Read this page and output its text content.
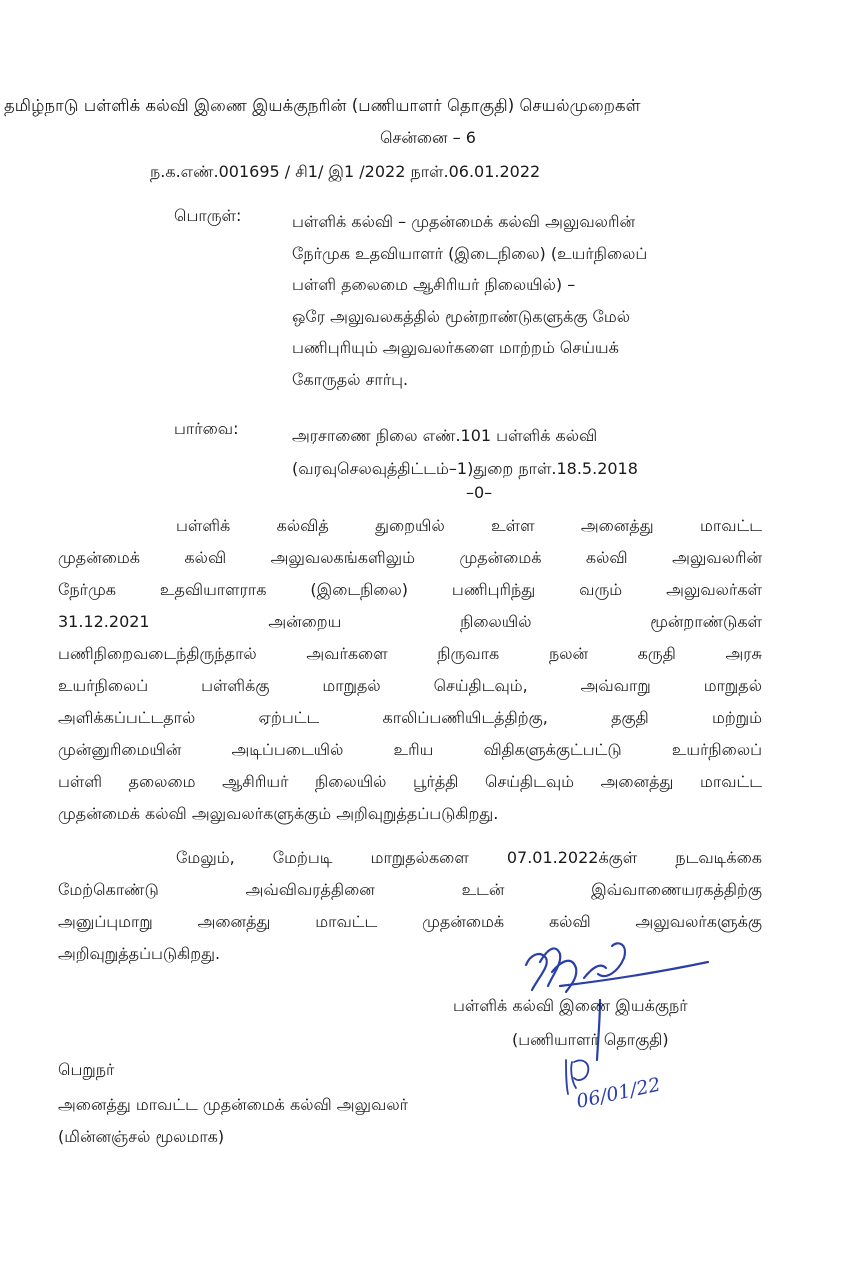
தமிழ்நாடு பள்ளிக் கல்வி இணை இயக்குநரின் (பணியாளர் தொகுதி) செயல்முறைகள்
சென்னை – 6
ந.க.எண்.001695 / சி1/ இ1 /2022 நாள்.06.01.2022
பொருள்:	பள்ளிக் கல்வி – முதன்மைக் கல்வி அலுவலரின்
நேர்முக உதவியாளர் (இடைநிலை) (உயர்நிலைப்
பள்ளி தலைமை ஆசிரியர் நிலையில்) –
ஒரே அலுவலகத்தில் மூன்றாண்டுகளுக்கு மேல்
பணிபுரியும் அலுவலர்களை மாற்றம் செய்யக்
கோருதல் சார்பு.
பார்வை:	அரசாணை நிலை எண்.101 பள்ளிக் கல்வி
(வரவுசெலவுத்திட்டம்–1)துறை நாள்.18.5.2018
–0–
பள்ளிக் கல்வித் துறையில் உள்ள அனைத்து மாவட்ட
முதன்மைக் கல்வி அலுவலகங்களிலும் முதன்மைக் கல்வி அலுவலரின்
நேர்முக உதவியாளராக (இடைநிலை) பணிபுரிந்து வரும் அலுவலர்கள்
31.12.2021 அன்றைய நிலையில் மூன்றாண்டுகள்
பணிநிறைவடைந்திருந்தால் அவர்களை நிருவாக நலன் கருதி அரசு
உயர்நிலைப் பள்ளிக்கு மாறுதல் செய்திடவும், அவ்வாறு மாறுதல்
அளிக்கப்பட்டதால் ஏற்பட்ட காலிப்பணியிடத்திற்கு, தகுதி மற்றும்
முன்னுரிமையின் அடிப்படையில் உரிய விதிகளுக்குட்பட்டு உயர்நிலைப்
பள்ளி தலைமை ஆசிரியர் நிலையில் பூர்த்தி செய்திடவும் அனைத்து மாவட்ட
முதன்மைக் கல்வி அலுவலர்களுக்கும் அறிவுறுத்தப்படுகிறது.
மேலும், மேற்படி மாறுதல்களை 07.01.2022க்குள் நடவடிக்கை
மேற்கொண்டு அவ்விவரத்தினை உடன் இவ்வாணையரகத்திற்கு
அனுப்புமாறு அனைத்து மாவட்ட முதன்மைக் கல்வி அலுவலர்களுக்கு
அறிவுறுத்தப்படுகிறது.
06/01/22
பள்ளிக் கல்வி இணை இயக்குநர்
(பணியாளர் தொகுதி)
பெறுநர்
அனைத்து மாவட்ட முதன்மைக் கல்வி அலுவலர்
(மின்னஞ்சல் மூலமாக)
